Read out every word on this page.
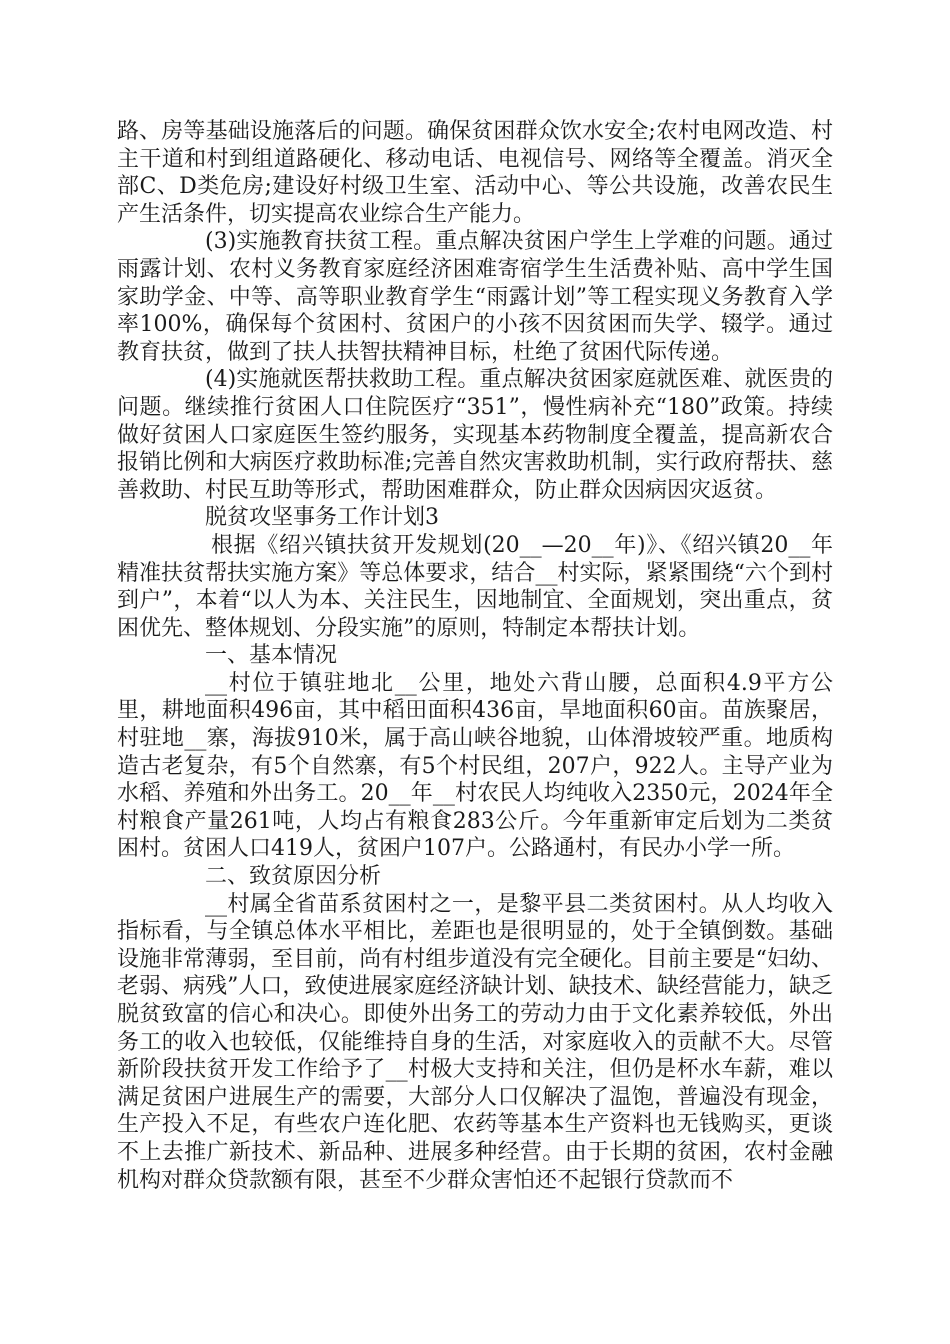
路、房等基础设施落后的问题。确保贫困群众饮水安全;农村电网改造、村主干道和村到组道路硬化、移动电话、电视信号、网络等全覆盖。消灭全部C、D类危房;建设好村级卫生室、活动中心、等公共设施，改善农民生产生活条件，切实提高农业综合生产能力。

(3)实施教育扶贫工程。重点解决贫困户学生上学难的问题。通过雨露计划、农村义务教育家庭经济困难寄宿学生生活费补贴、高中学生国家助学金、中等、高等职业教育学生“雨露计划”等工程实现义务教育入学率100%，确保每个贫困村、贫困户的小孩不因贫困而失学、辍学。通过教育扶贫，做到了扶人扶智扶精神目标，杜绝了贫困代际传递。

(4)实施就医帮扶救助工程。重点解决贫困家庭就医难、就医贵的问题。继续推行贫困人口住院医疗“351”，慢性病补充“180”政策。持续做好贫困人口家庭医生签约服务，实现基本药物制度全覆盖，提高新农合报销比例和大病医疗救助标准;完善自然灾害救助机制，实行政府帮扶、慈善救助、村民互助等形式，帮助困难群众，防止群众因病因灾返贫。

脱贫攻坚事务工作计划3

根据《绍兴镇扶贫开发规划(20__—20__年)》、《绍兴镇20__年精准扶贫帮扶实施方案》等总体要求，结合__村实际，紧紧围绕“六个到村到户”，本着“以人为本、关注民生，因地制宜、全面规划，突出重点，贫困优先、整体规划、分段实施”的原则，特制定本帮扶计划。

一、基本情况

__村位于镇驻地北__公里，地处六背山腰，总面积4.9平方公里，耕地面积496亩，其中稻田面积436亩，旱地面积60亩。苗族聚居，村驻地__寨，海拔910米，属于高山峡谷地貌，山体滑坡较严重。地质构造古老复杂，有5个自然寨，有5个村民组，207户，922人。主导产业为水稻、养殖和外出务工。20__年__村农民人均纯收入2350元，2024年全村粮食产量261吨，人均占有粮食283公斤。今年重新审定后划为二类贫困村。贫困人口419人，贫困户107户。公路通村，有民办小学一所。

二、致贫原因分析

__村属全省苗系贫困村之一，是黎平县二类贫困村。从人均收入指标看，与全镇总体水平相比，差距也是很明显的，处于全镇倒数。基础设施非常薄弱，至目前，尚有村组步道没有完全硬化。目前主要是“妇幼、老弱、病残”人口，致使进展家庭经济缺计划、缺技术、缺经营能力，缺乏脱贫致富的信心和决心。即使外出务工的劳动力由于文化素养较低，外出务工的收入也较低，仅能维持自身的生活，对家庭收入的贡献不大。尽管新阶段扶贫开发工作给予了__村极大支持和关注，但仍是杯水车薪，难以满足贫困户进展生产的需要，大部分人口仅解决了温饱，普遍没有现金，生产投入不足，有些农户连化肥、农药等基本生产资料也无钱购买，更谈不上去推广新技术、新品种、进展多种经营。由于长期的贫困，农村金融机构对群众贷款额有限，甚至不少群众害怕还不起银行贷款而不
